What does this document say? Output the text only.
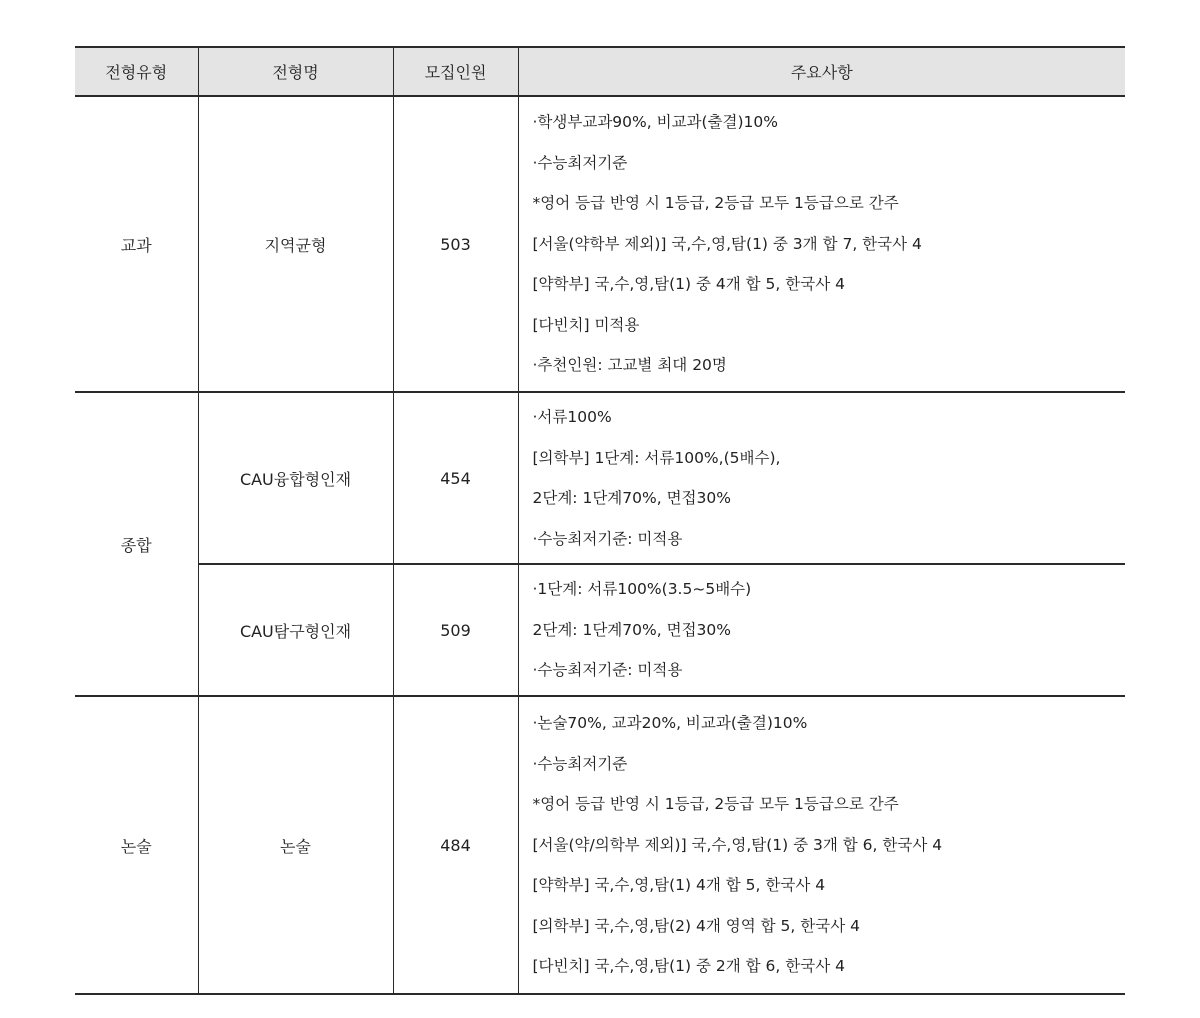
전형유형	전형명	모집인원	주요사항
교과	지역균형	503	
·학생부교과90%, 비교과(출결)10%
·수능최저기준
*영어 등급 반영 시 1등급, 2등급 모두 1등급으로 간주
[서울(약학부 제외)] 국,수,영,탐(1) 중 3개 합 7, 한국사 4
[약학부] 국,수,영,탐(1) 중 4개 합 5, 한국사 4
[다빈치] 미적용
·추천인원: 고교별 최대 20명

종합	CAU융합형인재	454	·서류100%
[의학부] 1단계: 서류100%,(5배수),
2단계: 1단계70%, 면접30%
·수능최저기준: 미적용

	CAU탐구형인재	509	·1단계: 서류100%(3.5~5배수)
2단계: 1단계70%, 면접30%
·수능최저기준: 미적용

논술	논술	484	
·논술70%, 교과20%, 비교과(출결)10%
·수능최저기준
*영어 등급 반영 시 1등급, 2등급 모두 1등급으로 간주
[서울(약/의학부 제외)] 국,수,영,탐(1) 중 3개 합 6, 한국사 4
[약학부] 국,수,영,탐(1) 4개 합 5, 한국사 4
[의학부] 국,수,영,탐(2) 4개 영역 합 5, 한국사 4
[다빈치] 국,수,영,탐(1) 중 2개 합 6, 한국사 4
